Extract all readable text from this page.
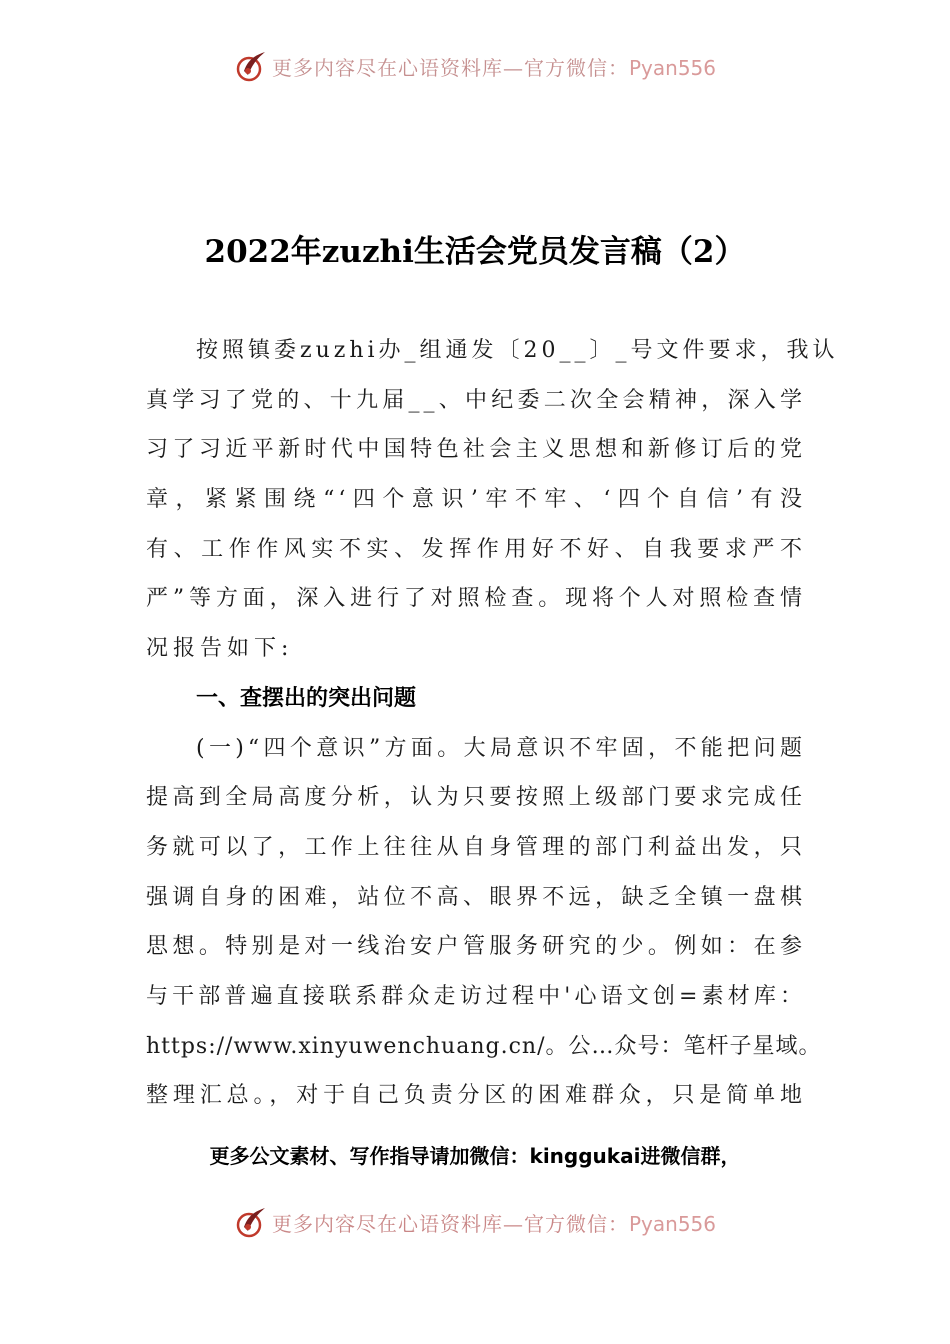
更多内容尽在心语资料库—官方微信：Pyan556
2022年zuzhi生活会党员发言稿（2）
按照镇委zuzhi办_组通发〔20__〕_号文件要求，我认
真学习了党的、十九届__、中纪委二次全会精神，深入学
习了习近平新时代中国特色社会主义思想和新修订后的党
章，紧紧围绕“‘四个意识’牢不牢、‘四个自信’有没
有、工作作风实不实、发挥作用好不好、自我要求严不
严”等方面，深入进行了对照检查。现将个人对照检查情
况报告如下:
一、查摆出的突出问题
(一)“四个意识”方面。大局意识不牢固，不能把问题
提高到全局高度分析，认为只要按照上级部门要求完成任
务就可以了，工作上往往从自身管理的部门利益出发，只
强调自身的困难，站位不高、眼界不远，缺乏全镇一盘棋
思想。特别是对一线治安户管服务研究的少。例如：在参
与干部普遍直接联系群众走访过程中'心语文创=素材库：
https://www.xinyuwenchuang.cn/。公…众号：笔杆子星域。
整理汇总。，对于自己负责分区的困难群众，只是简单地
更多公文素材、写作指导请加微信：kinggukai进微信群，
更多内容尽在心语资料库—官方微信：Pyan556
